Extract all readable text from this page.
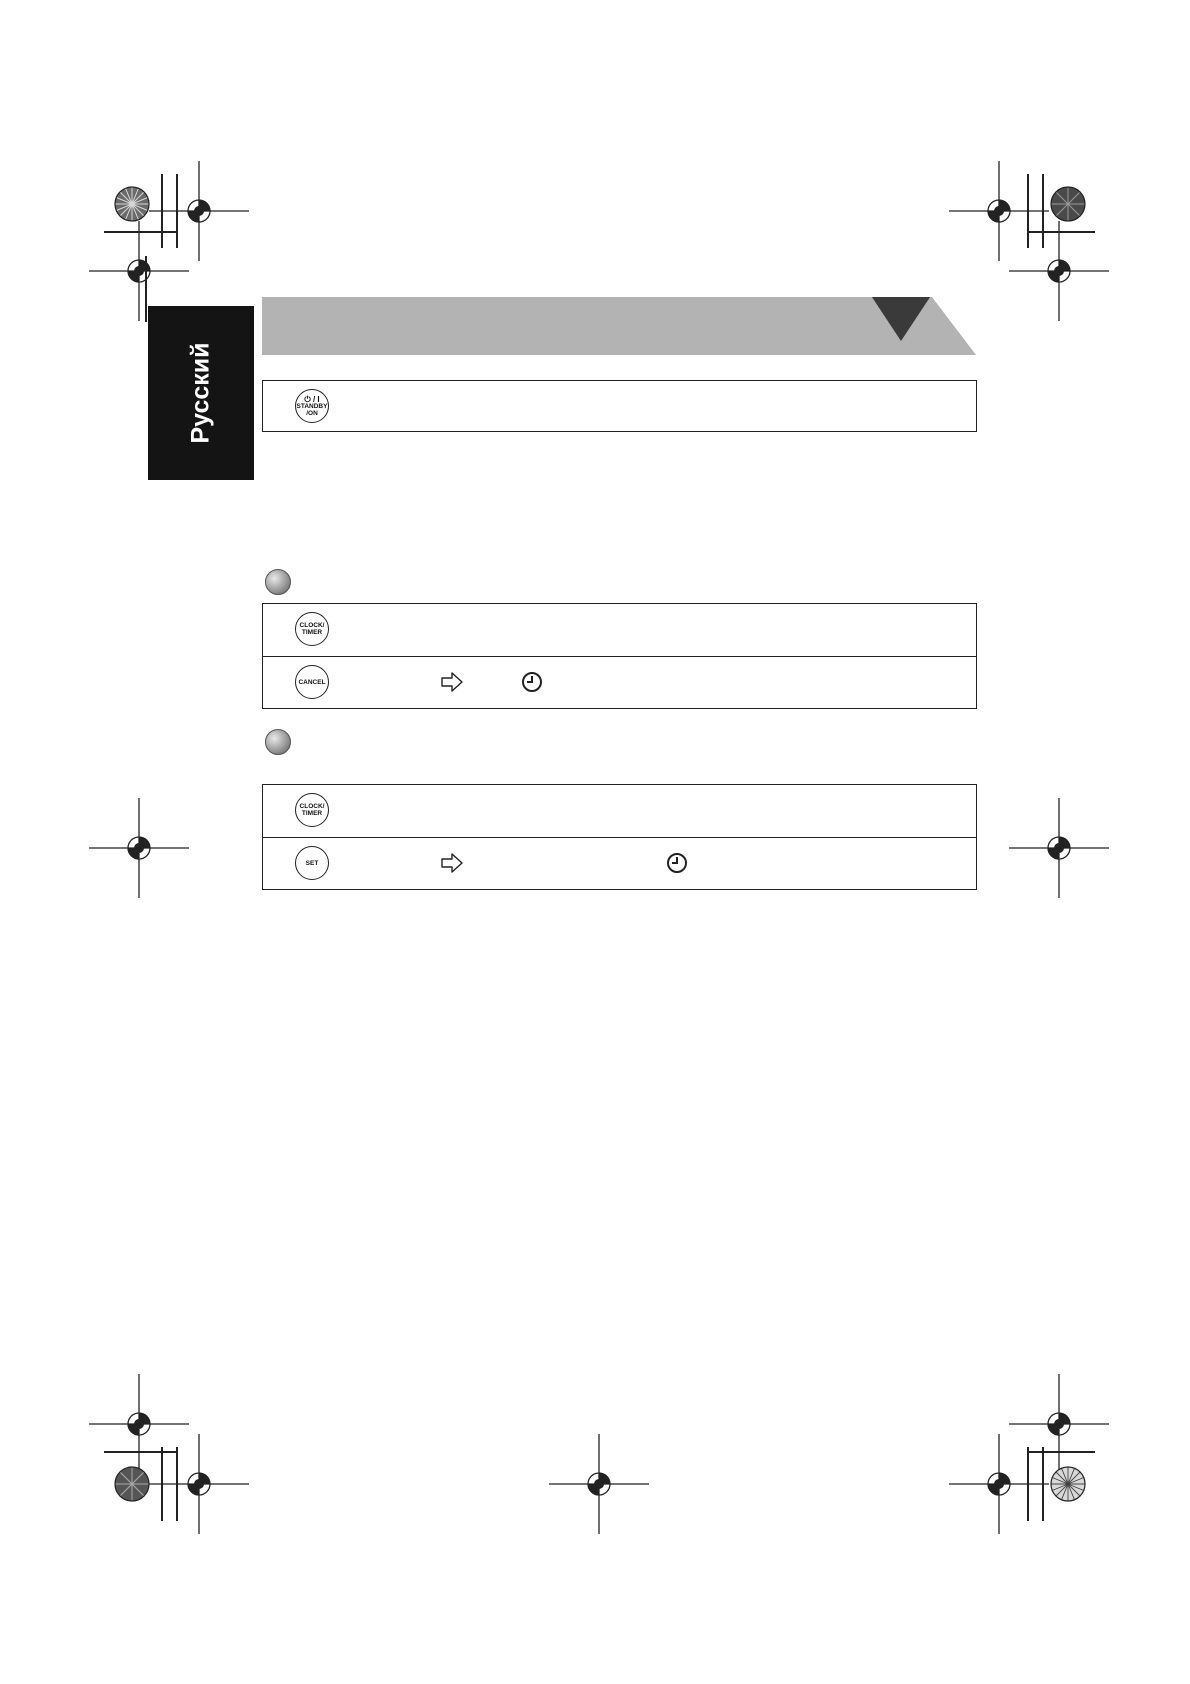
Русский	⏻ / I
STANDBY
/ON
CLOCK/
TIMER
CANCEL
CLOCK/
TIMER
SET
